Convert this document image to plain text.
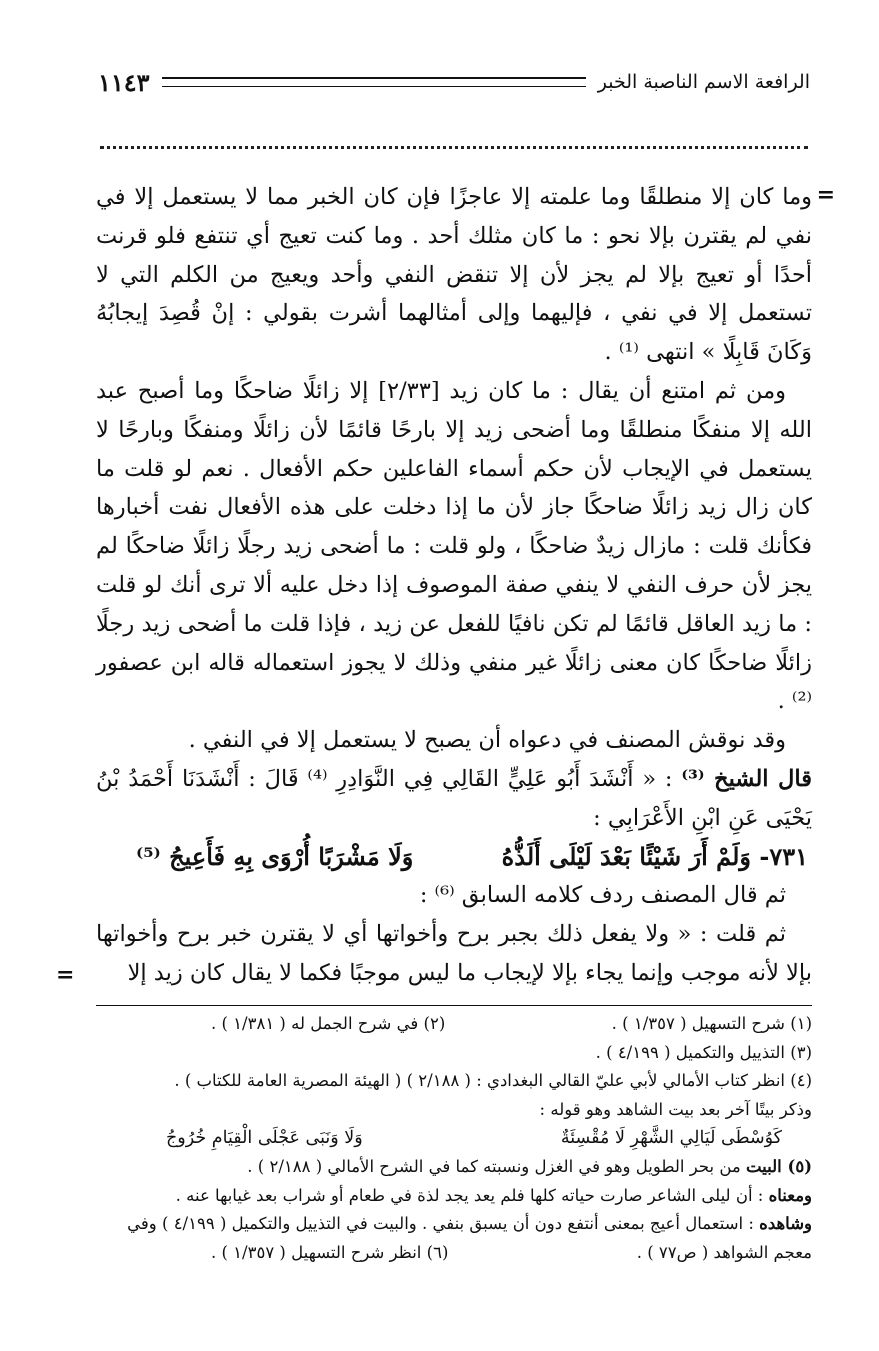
الرافعة الاسم الناصبة الخبر
١١٤٣
=

وما كان إلا منطلقًا وما علمته إلا عاجزًا فإن كان الخبر مما لا يستعمل إلا في نفي لم يقترن بإلا نحو : ما كان مثلك أحد . وما كنت تعيج أي تنتفع فلو قرنت أحدًا أو تعيج بإلا لم يجز لأن إلا تنقض النفي وأحد ويعيج من الكلم التي لا تستعمل إلا في نفي ، فإليهما وإلى أمثالهما أشرت بقولي : إنْ قُصِدَ إيجابُهُ وَكَانَ قَابِلًا » انتهى ⁽¹⁾ .

ومن ثم امتنع أن يقال : ما كان زيد [٢/٣٣] إلا زائلًا ضاحكًا وما أصبح عبد الله إلا منفكًا منطلقًا وما أضحى زيد إلا بارحًا قائمًا لأن زائلًا ومنفكًا وبارحًا لا يستعمل في الإيجاب لأن حكم أسماء الفاعلين حكم الأفعال . نعم لو قلت ما كان زال زيد زائلًا ضاحكًا جاز لأن ما إذا دخلت على هذه الأفعال نفت أخبارها فكأنك قلت : مازال زيدٌ ضاحكًا ، ولو قلت : ما أضحى زيد رجلًا زائلًا ضاحكًا لم يجز لأن حرف النفي لا ينفي صفة الموصوف إذا دخل عليه ألا ترى أنك لو قلت : ما زيد العاقل قائمًا لم تكن نافيًا للفعل عن زيد ، فإذا قلت ما أضحى زيد رجلًا زائلًا ضاحكًا كان معنى زائلًا غير منفي وذلك لا يجوز استعماله قاله ابن عصفور ⁽²⁾ .

وقد نوقش المصنف في دعواه أن يصبح لا يستعمل إلا في النفي .

قال الشيخ ⁽³⁾ : « أَنْشَدَ أَبُو عَلِيٍّ القَالِي فِي النَّوَادِرِ ⁽⁴⁾ قَالَ : أَنْشَدَنَا أَحْمَدُ بْنُ يَحْيَى عَنِ ابْنِ الأَعْرَابِي :

٧٣١- وَلَمْ أَرَ شَيْئًا بَعْدَ لَيْلَى أَلَذُّهُ
وَلَا مَشْرَبًا أُرْوَى بِهِ فَأَعِيجُ ⁽⁵⁾

ثم قال المصنف ردف كلامه السابق ⁽⁶⁾ :

ثم قلت : « ولا يفعل ذلك بجبر برح وأخواتها أي لا يقترن خبر برح وأخواتها بإلا لأنه موجب وإنما يجاء بإلا لإيجاب ما ليس موجبًا فكما لا يقال كان زيد إلا

=
(١) شرح التسهيل ( ١/٣٥٧ ) .
(٢) في شرح الجمل له ( ١/٣٨١ ) .
(٣) التذييل والتكميل ( ٤/١٩٩ ) .
(٤) انظر كتاب الأمالي لأبي عليّ القالي البغدادي : ( ٢/١٨٨ ) ( الهيئة المصرية العامة للكتاب ) .
وذكر بيتًا آخر بعد بيت الشاهد وهو قوله :
كَوُسْطَى لَيَالِي الشَّهْرِ لَا مُقْسِئَةٌ
وَلَا وَنَبَى عَجْلَى الْقِيَامِ خُرُوجُ
(٥) البيت من بحر الطويل وهو في الغزل ونسبته كما في الشرح الأمالي ( ٢/١٨٨ ) .
ومعناه : أن ليلى الشاعر صارت حياته كلها فلم يعد يجد لذة في طعام أو شراب بعد غيابها عنه .
وشاهده : استعمال أعيج بمعنى أنتفع دون أن يسبق بنفي . والبيت في التذييل والتكميل ( ٤/١٩٩ ) وفي
معجم الشواهد ( ص٧٧ ) .
(٦) انظر شرح التسهيل ( ١/٣٥٧ ) .
